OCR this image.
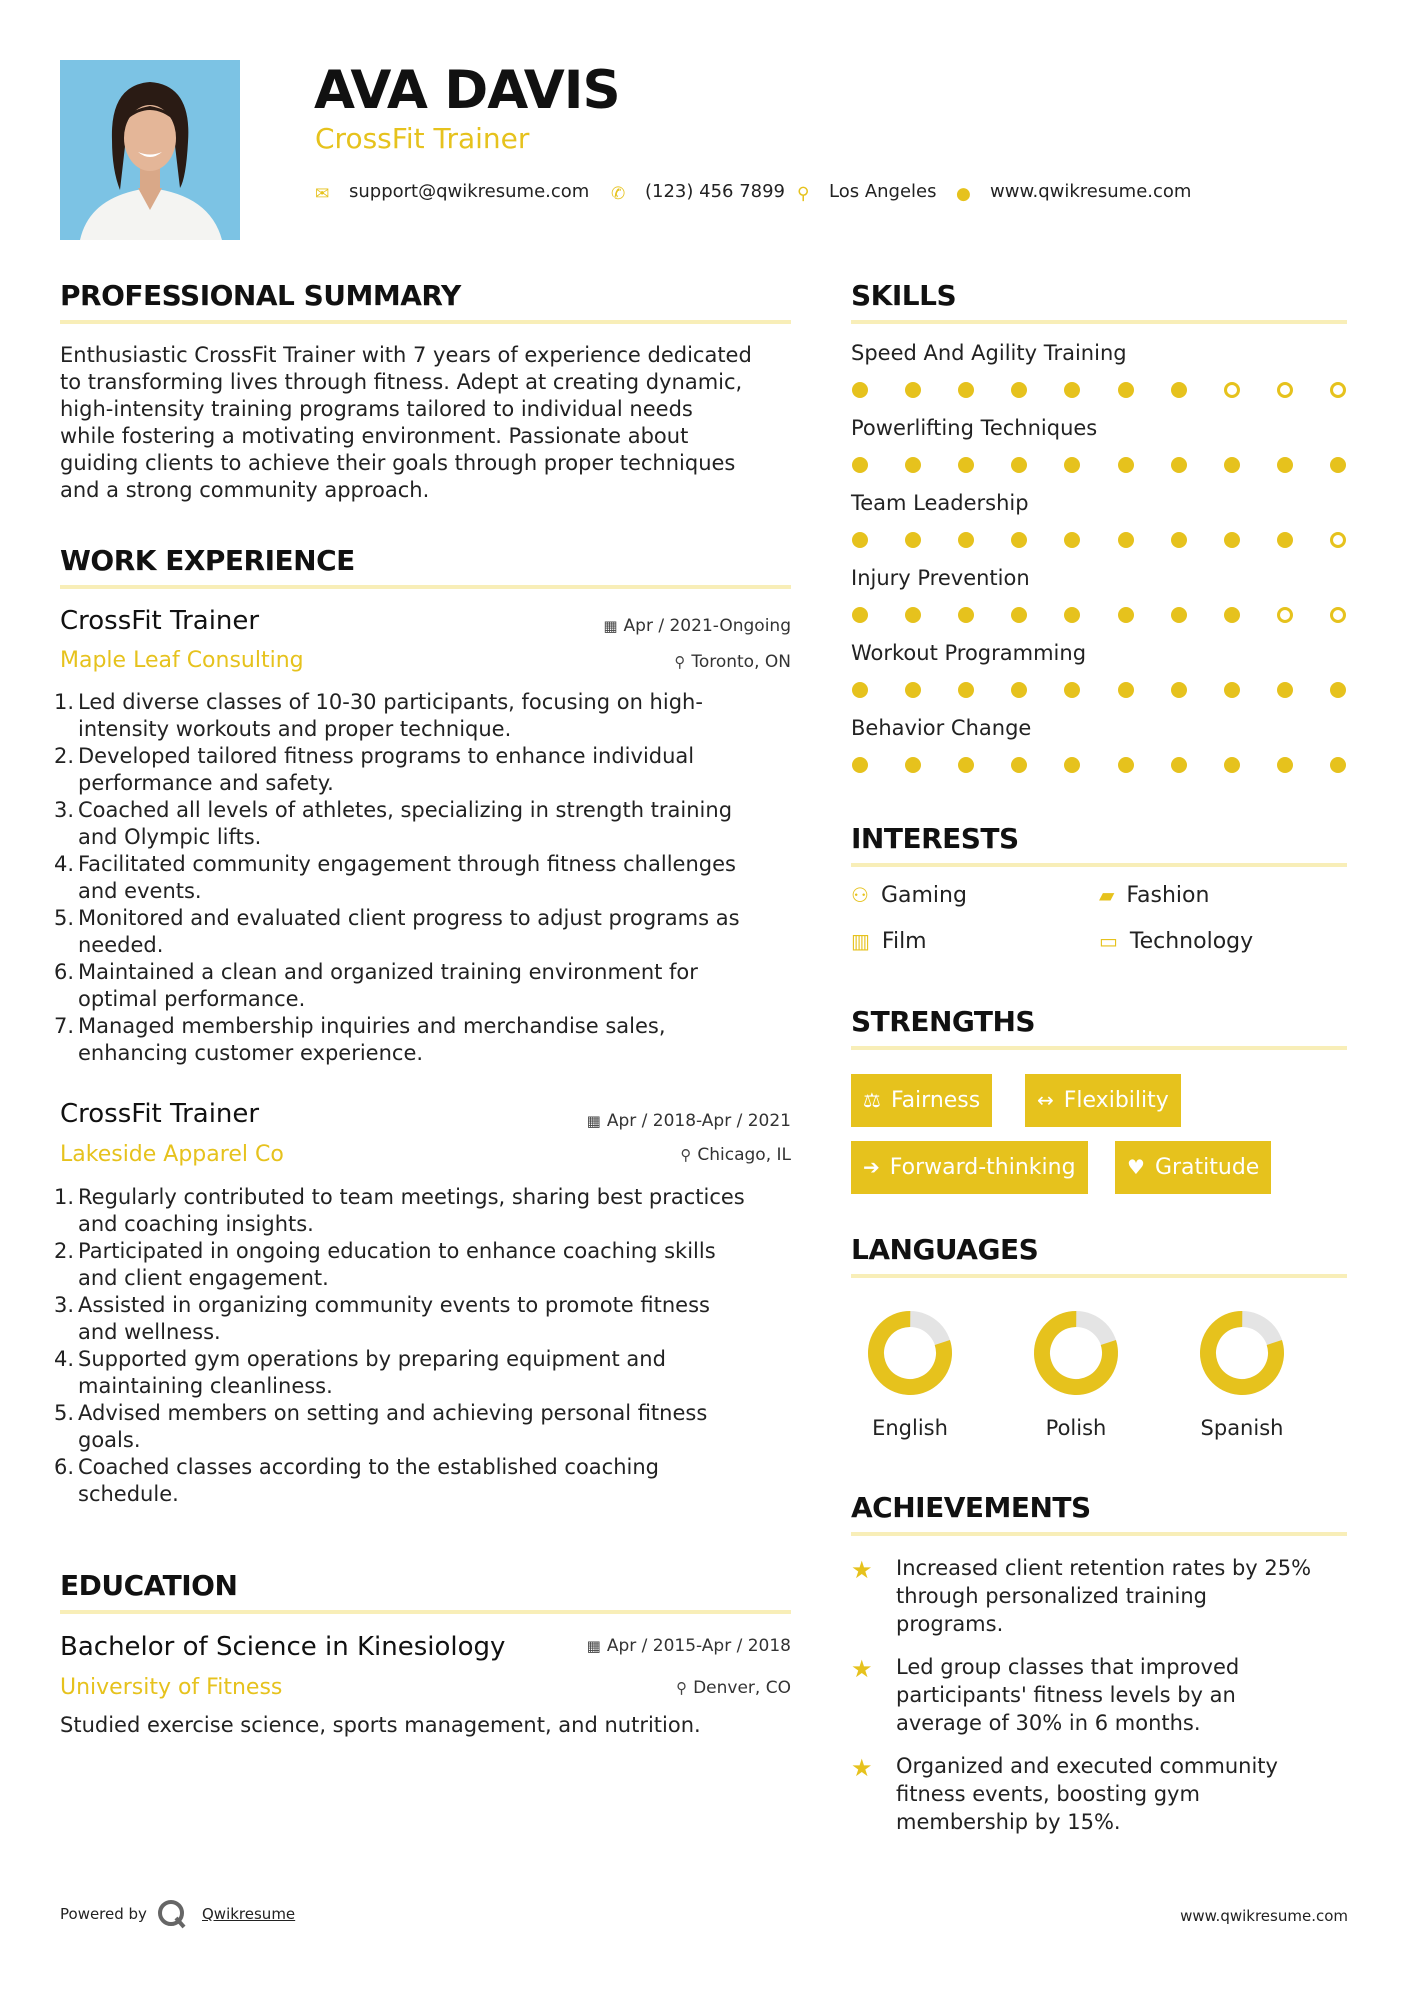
AVA DAVIS
CrossFit Trainer
✉ support@qwikresume.com ✆ (123) 456 7899 ⚲ Los Angeles ● www.qwikresume.com
PROFESSIONAL SUMMARY
Enthusiastic CrossFit Trainer with 7 years of experience dedicated
to transforming lives through fitness. Adept at creating dynamic,
high-intensity training programs tailored to individual needs
while fostering a motivating environment. Passionate about
guiding clients to achieve their goals through proper techniques
and a strong community approach.
WORK EXPERIENCE
CrossFit Trainer
Maple Leaf Consulting
▦ Apr / 2021-Ongoing
⚲ Toronto, ON
1. Led diverse classes of 10-30 participants, focusing on high-
intensity workouts and proper technique.
2. Developed tailored fitness programs to enhance individual
performance and safety.
3. Coached all levels of athletes, specializing in strength training
and Olympic lifts.
4. Facilitated community engagement through fitness challenges
and events.
5. Monitored and evaluated client progress to adjust programs as
needed.
6. Maintained a clean and organized training environment for
optimal performance.
7. Managed membership inquiries and merchandise sales,
enhancing customer experience.
CrossFit Trainer
Lakeside Apparel Co
▦ Apr / 2018-Apr / 2021
⚲ Chicago, IL
1. Regularly contributed to team meetings, sharing best practices
and coaching insights.
2. Participated in ongoing education to enhance coaching skills
and client engagement.
3. Assisted in organizing community events to promote fitness
and wellness.
4. Supported gym operations by preparing equipment and
maintaining cleanliness.
5. Advised members on setting and achieving personal fitness
goals.
6. Coached classes according to the established coaching
schedule.
EDUCATION
Bachelor of Science in Kinesiology
University of Fitness
▦ Apr / 2015-Apr / 2018
⚲ Denver, CO
Studied exercise science, sports management, and nutrition.
SKILLS
Speed And Agility Training
Powerlifting Techniques
Team Leadership
Injury Prevention
Workout Programming
Behavior Change
INTERESTS
⚇ Gaming	▰ Fashion
▥ Film	▭ Technology
STRENGTHS
⚖ Fairness	↔ Flexibility
➔ Forward-thinking	♥ Gratitude
LANGUAGES
English	Polish	Spanish
ACHIEVEMENTS
★ Increased client retention rates by 25%
through personalized training
programs.
★ Led group classes that improved
participants' fitness levels by an
average of 30% in 6 months.
★ Organized and executed community
fitness events, boosting gym
membership by 15%.
Powered by	Qwikresume	www.qwikresume.com
